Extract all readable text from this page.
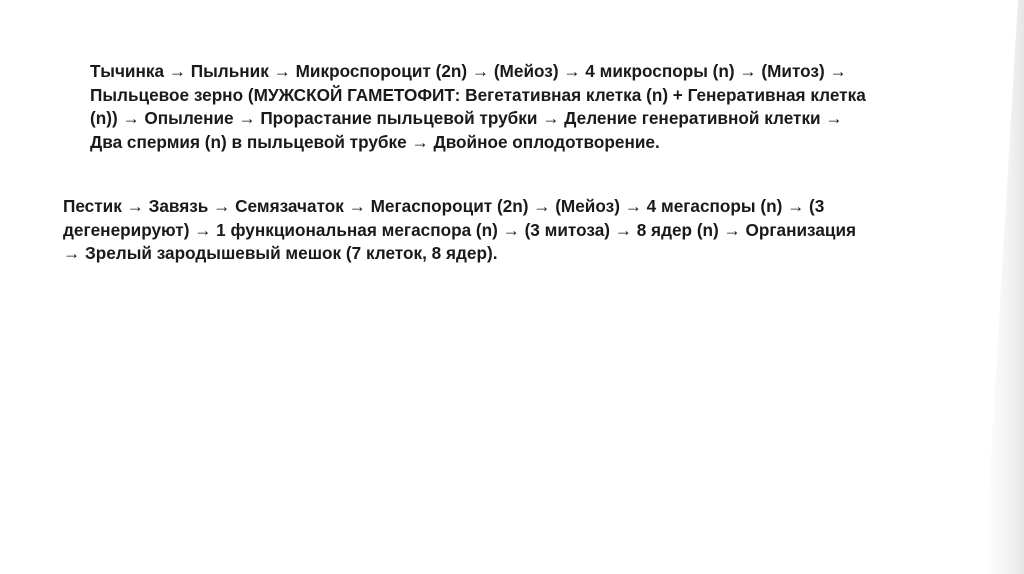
Тычинка → Пыльник → Микроспороцит (2n) → (Мейоз) → 4 микроспоры (n) → (Митоз) →
Пыльцевое зерно (МУЖСКОЙ ГАМЕТОФИТ: Вегетативная клетка (n) + Генеративная клетка
(n)) → Опыление → Прорастание пыльцевой трубки → Деление генеративной клетки →
Два спермия (n) в пыльцевой трубке → Двойное оплодотворение.

Пестик → Завязь → Семязачаток → Мегаспороцит (2n) → (Мейоз) → 4 мегаспоры (n) → (3
дегенерируют) → 1 функциональная мегаспора (n) → (3 митоза) → 8 ядер (n) → Организация
→ Зрелый зародышевый мешок (7 клеток, 8 ядер).
